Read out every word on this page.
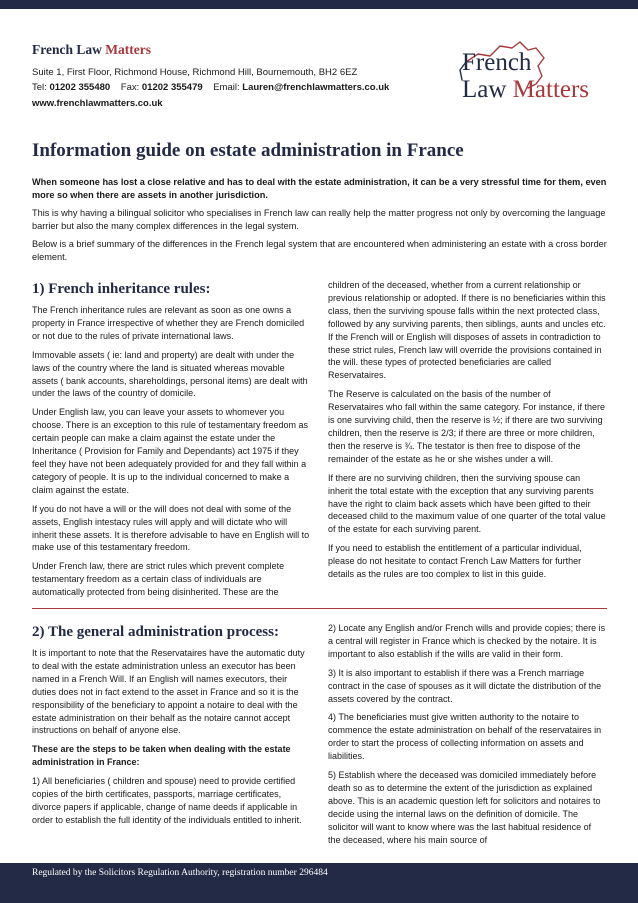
French Law Matters
Suite 1, First Floor, Richmond House, Richmond Hill, Bournemouth, BH2 6EZ
Tel: 01202 355480 Fax: 01202 355479 Email: Lauren@frenchlawmatters.co.uk
www.frenchlawmatters.co.uk
French
Law Matters
Information guide on estate administration in France
When someone has lost a close relative and has to deal with the estate administration, it can be a very stressful time for them, even more so when there are assets in another jurisdiction.
This is why having a bilingual solicitor who specialises in French law can really help the matter progress not only by overcoming the language barrier but also the many complex differences in the legal system.
Below is a brief summary of the differences in the French legal system that are encountered when administering an estate with a cross border element.
1) French inheritance rules:

The French inheritance rules are relevant as soon as one owns a property in France irrespective of whether they are French domiciled or not due to the rules of private international laws.

Immovable assets ( ie: land and property) are dealt with under the laws of the country where the land is situated whereas movable assets ( bank accounts, shareholdings, personal items) are dealt with under the laws of the country of domicile.

Under English law, you can leave your assets to whomever you choose. There is an exception to this rule of testamentary freedom as certain people can make a claim against the estate under the Inheritance ( Provision for Family and Dependants) act 1975 if they feel they have not been adequately provided for and they fall within a category of people. It is up to the individual concerned to make a claim against the estate.

If you do not have a will or the will does not deal with some of the assets, English intestacy rules will apply and will dictate who will inherit these assets. It is therefore advisable to have en English will to make use of this testamentary freedom.

Under French law, there are strict rules which prevent complete testamentary freedom as a certain class of individuals are automatically protected from being disinherited. These are the

children of the deceased, whether from a current relationship or previous relationship or adopted. If there is no beneficiaries within this class, then the surviving spouse falls within the next protected class, followed by any surviving parents, then siblings, aunts and uncles etc. If the French will or English will disposes of assets in contradiction to these strict rules, French law will override the provisions contained in the will. these types of protected beneficiaries are called Reservataires.

The Reserve is calculated on the basis of the number of Reservataires who fall within the same category. For instance, if there is one surviving child, then the reserve is ½; if there are two surviving children, then the reserve is 2/3; if there are three or more children, then the reserve is ¾. The testator is then free to dispose of the remainder of the estate as he or she wishes under a will.

If there are no surviving children, then the surviving spouse can inherit the total estate with the exception that any surviving parents have the right to claim back assets which have been gifted to their deceased child to the maximum value of one quarter of the total value of the estate for each surviving parent.

If you need to establish the entitlement of a particular individual, please do not hesitate to contact French Law Matters for further details as the rules are too complex to list in this guide.

2) The general administration process:

It is important to note that the Reservataires have the automatic duty to deal with the estate administration unless an executor has been named in a French Will. If an English will names executors, their duties does not in fact extend to the asset in France and so it is the responsibility of the beneficiary to appoint a notaire to deal with the estate administration on their behalf as the notaire cannot accept instructions on behalf of anyone else.

These are the steps to be taken when dealing with the estate administration in France:

1) All beneficiaries ( children and spouse) need to provide certified copies of the birth certificates, passports, marriage certificates, divorce papers if applicable, change of name deeds if applicable in order to establish the full identity of the individuals entitled to inherit.

2) Locate any English and/or French wills and provide copies; there is a central will register in France which is checked by the notaire. It is important to also establish if the wills are valid in their form.

3) It is also important to establish if there was a French marriage contract in the case of spouses as it will dictate the distribution of the assets covered by the contract.

4) The beneficiaries must give written authority to the notaire to commence the estate administration on behalf of the reservataires in order to start the process of collecting information on assets and liabilities.

5) Establish where the deceased was domiciled immediately before death so as to determine the extent of the jurisdiction as explained above. This is an academic question left for solicitors and notaires to decide using the internal laws on the definition of domicile. The solicitor will want to know where was the last habitual residence of the deceased, where his main source of

Regulated by the Solicitors Regulation Authority, registration number 296484
